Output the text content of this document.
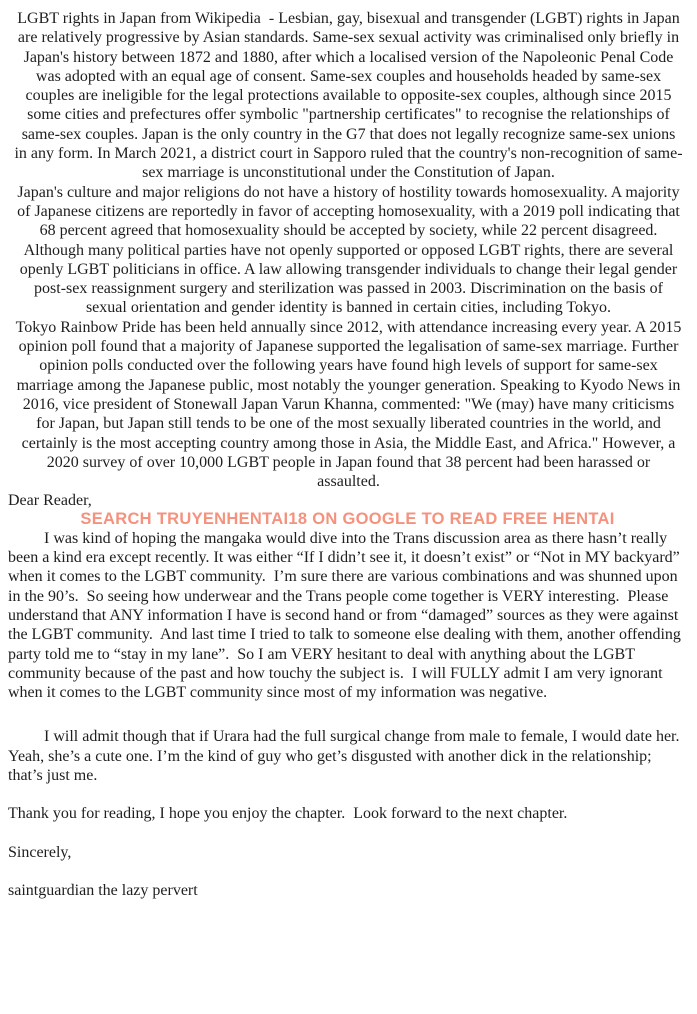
LGBT rights in Japan from Wikipedia  - Lesbian, gay, bisexual and transgender (LGBT) rights in Japan are relatively progressive by Asian standards. Same-sex sexual activity was criminalised only briefly in Japan's history between 1872 and 1880, after which a localised version of the Napoleonic Penal Code was adopted with an equal age of consent. Same-sex couples and households headed by same-sex couples are ineligible for the legal protections available to opposite-sex couples, although since 2015 some cities and prefectures offer symbolic "partnership certificates" to recognise the relationships of same-sex couples. Japan is the only country in the G7 that does not legally recognize same-sex unions in any form. In March 2021, a district court in Sapporo ruled that the country's non-recognition of same-sex marriage is unconstitutional under the Constitution of Japan.

Japan's culture and major religions do not have a history of hostility towards homosexuality. A majority of Japanese citizens are reportedly in favor of accepting homosexuality, with a 2019 poll indicating that 68 percent agreed that homosexuality should be accepted by society, while 22 percent disagreed. Although many political parties have not openly supported or opposed LGBT rights, there are several openly LGBT politicians in office. A law allowing transgender individuals to change their legal gender post-sex reassignment surgery and sterilization was passed in 2003. Discrimination on the basis of sexual orientation and gender identity is banned in certain cities, including Tokyo.

Tokyo Rainbow Pride has been held annually since 2012, with attendance increasing every year. A 2015 opinion poll found that a majority of Japanese supported the legalisation of same-sex marriage. Further opinion polls conducted over the following years have found high levels of support for same-sex marriage among the Japanese public, most notably the younger generation. Speaking to Kyodo News in 2016, vice president of Stonewall Japan Varun Khanna, commented: "We (may) have many criticisms for Japan, but Japan still tends to be one of the most sexually liberated countries in the world, and certainly is the most accepting country among those in Asia, the Middle East, and Africa." However, a 2020 survey of over 10,000 LGBT people in Japan found that 38 percent had been harassed or assaulted.

Dear Reader,

SEARCH TRUYENHENTAI18 ON GOOGLE TO READ FREE HENTAI

I was kind of hoping the mangaka would dive into the Trans discussion area as there hasn’t really been a kind era except recently. It was either “If I didn’t see it, it doesn’t exist” or “Not in MY backyard” when it comes to the LGBT community.  I’m sure there are various combinations and was shunned upon in the 90’s.  So seeing how underwear and the Trans people come together is VERY interesting.  Please understand that ANY information I have is second hand or from “damaged” sources as they were against the LGBT community.  And last time I tried to talk to someone else dealing with them, another offending party told me to “stay in my lane”.  So I am VERY hesitant to deal with anything about the LGBT community because of the past and how touchy the subject is.  I will FULLY admit I am very ignorant when it comes to the LGBT community since most of my information was negative.

I will admit though that if Urara had the full surgical change from male to female, I would date her. Yeah, she’s a cute one. I’m the kind of guy who get’s disgusted with another dick in the relationship; that’s just me.

Thank you for reading, I hope you enjoy the chapter.  Look forward to the next chapter.

Sincerely,

saintguardian the lazy pervert
